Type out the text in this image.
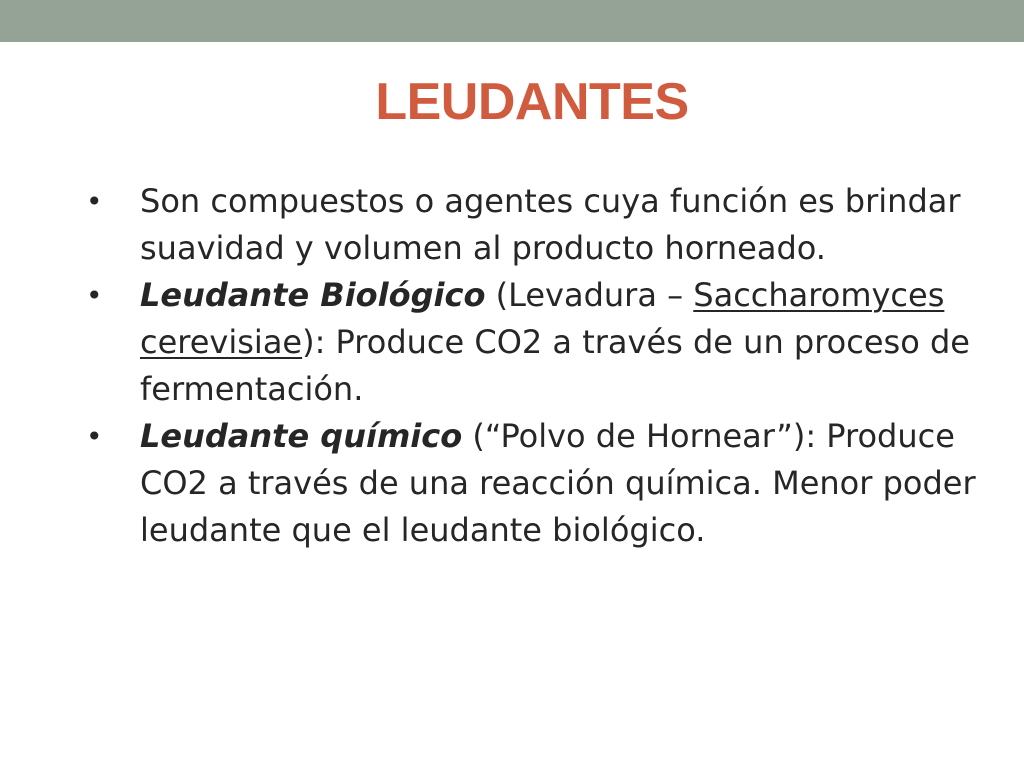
LEUDANTES
• Son compuestos o agentes cuya función es brindar suavidad y volumen al producto horneado.
• Leudante Biológico (Levadura – Saccharomyces cerevisiae): Produce CO2 a través de un proceso de fermentación.
• Leudante químico (“Polvo de Hornear”): Produce CO2 a través de una reacción química. Menor poder leudante que el leudante biológico.
